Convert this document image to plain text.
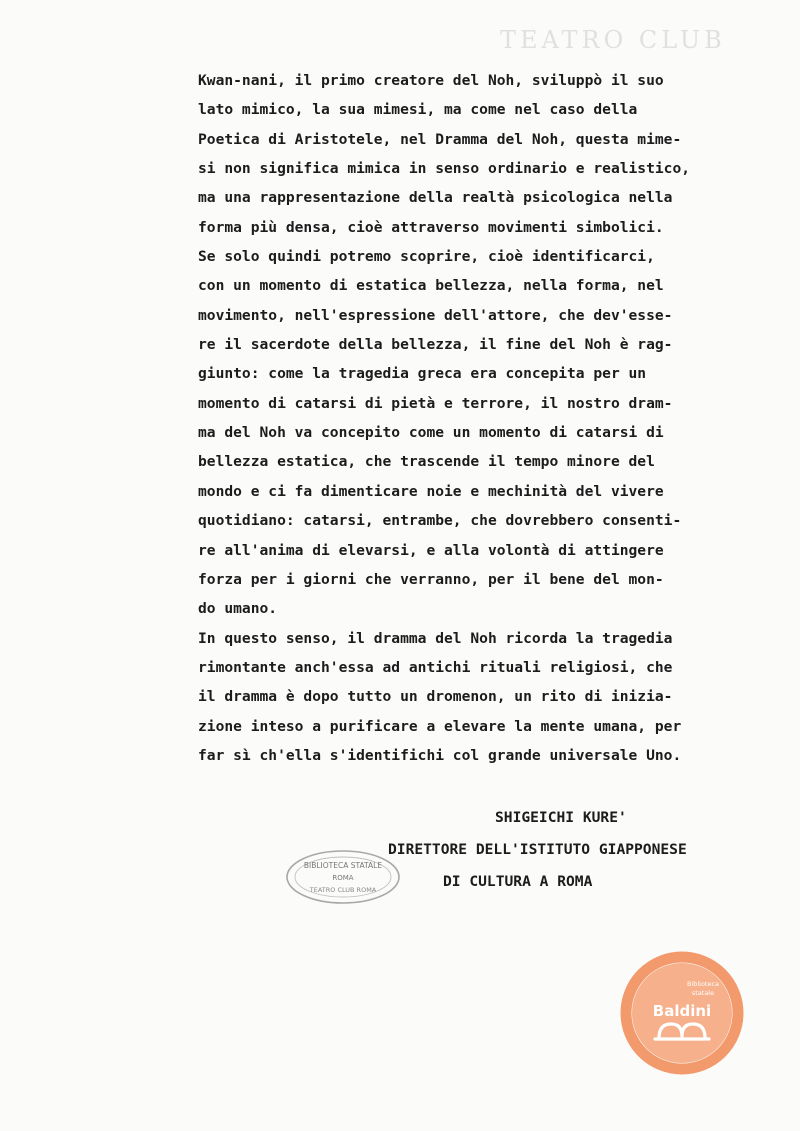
TEATRO CLUB
Kwan-nani, il primo creatore del Noh, sviluppò il suo
lato mimico, la sua mimesi, ma come nel caso della
Poetica di Aristotele, nel Dramma del Noh, questa mime-
si non significa mimica in senso ordinario e realistico,
ma una rappresentazione della realtà psicologica nella
forma più densa, cioè attraverso movimenti simbolici.
Se solo quindi potremo scoprire, cioè identificarci,
con un momento di estatica bellezza, nella forma, nel
movimento, nell'espressione dell'attore, che dev'esse-
re il sacerdote della bellezza, il fine del Noh è rag-
giunto: come la tragedia greca era concepita per un
momento di catarsi di pietà e terrore, il nostro dram-
ma del Noh va concepito come un momento di catarsi di
bellezza estatica, che trascende il tempo minore del
mondo e ci fa dimenticare noie e mechinità del vivere
quotidiano: catarsi, entrambe, che dovrebbero consenti-
re all'anima di elevarsi, e alla volontà di attingere
forza per i giorni che verranno, per il bene del mon-
do umano.
In questo senso, il dramma del Noh ricorda la tragedia
rimontante anch'essa ad antichi rituali religiosi, che
il dramma è dopo tutto un dromenon, un rito di inizia-
zione inteso a purificare a elevare la mente umana, per
far sì ch'ella s'identifichi col grande universale Uno.
SHIGEICHI KURE'
DIRETTORE DELL'ISTITUTO GIAPPONESE
DI CULTURA A ROMA
BIBLIOTECA STATALE
ROMA
TEATRO CLUB ROMA
Biblioteca
statale
Baldini
